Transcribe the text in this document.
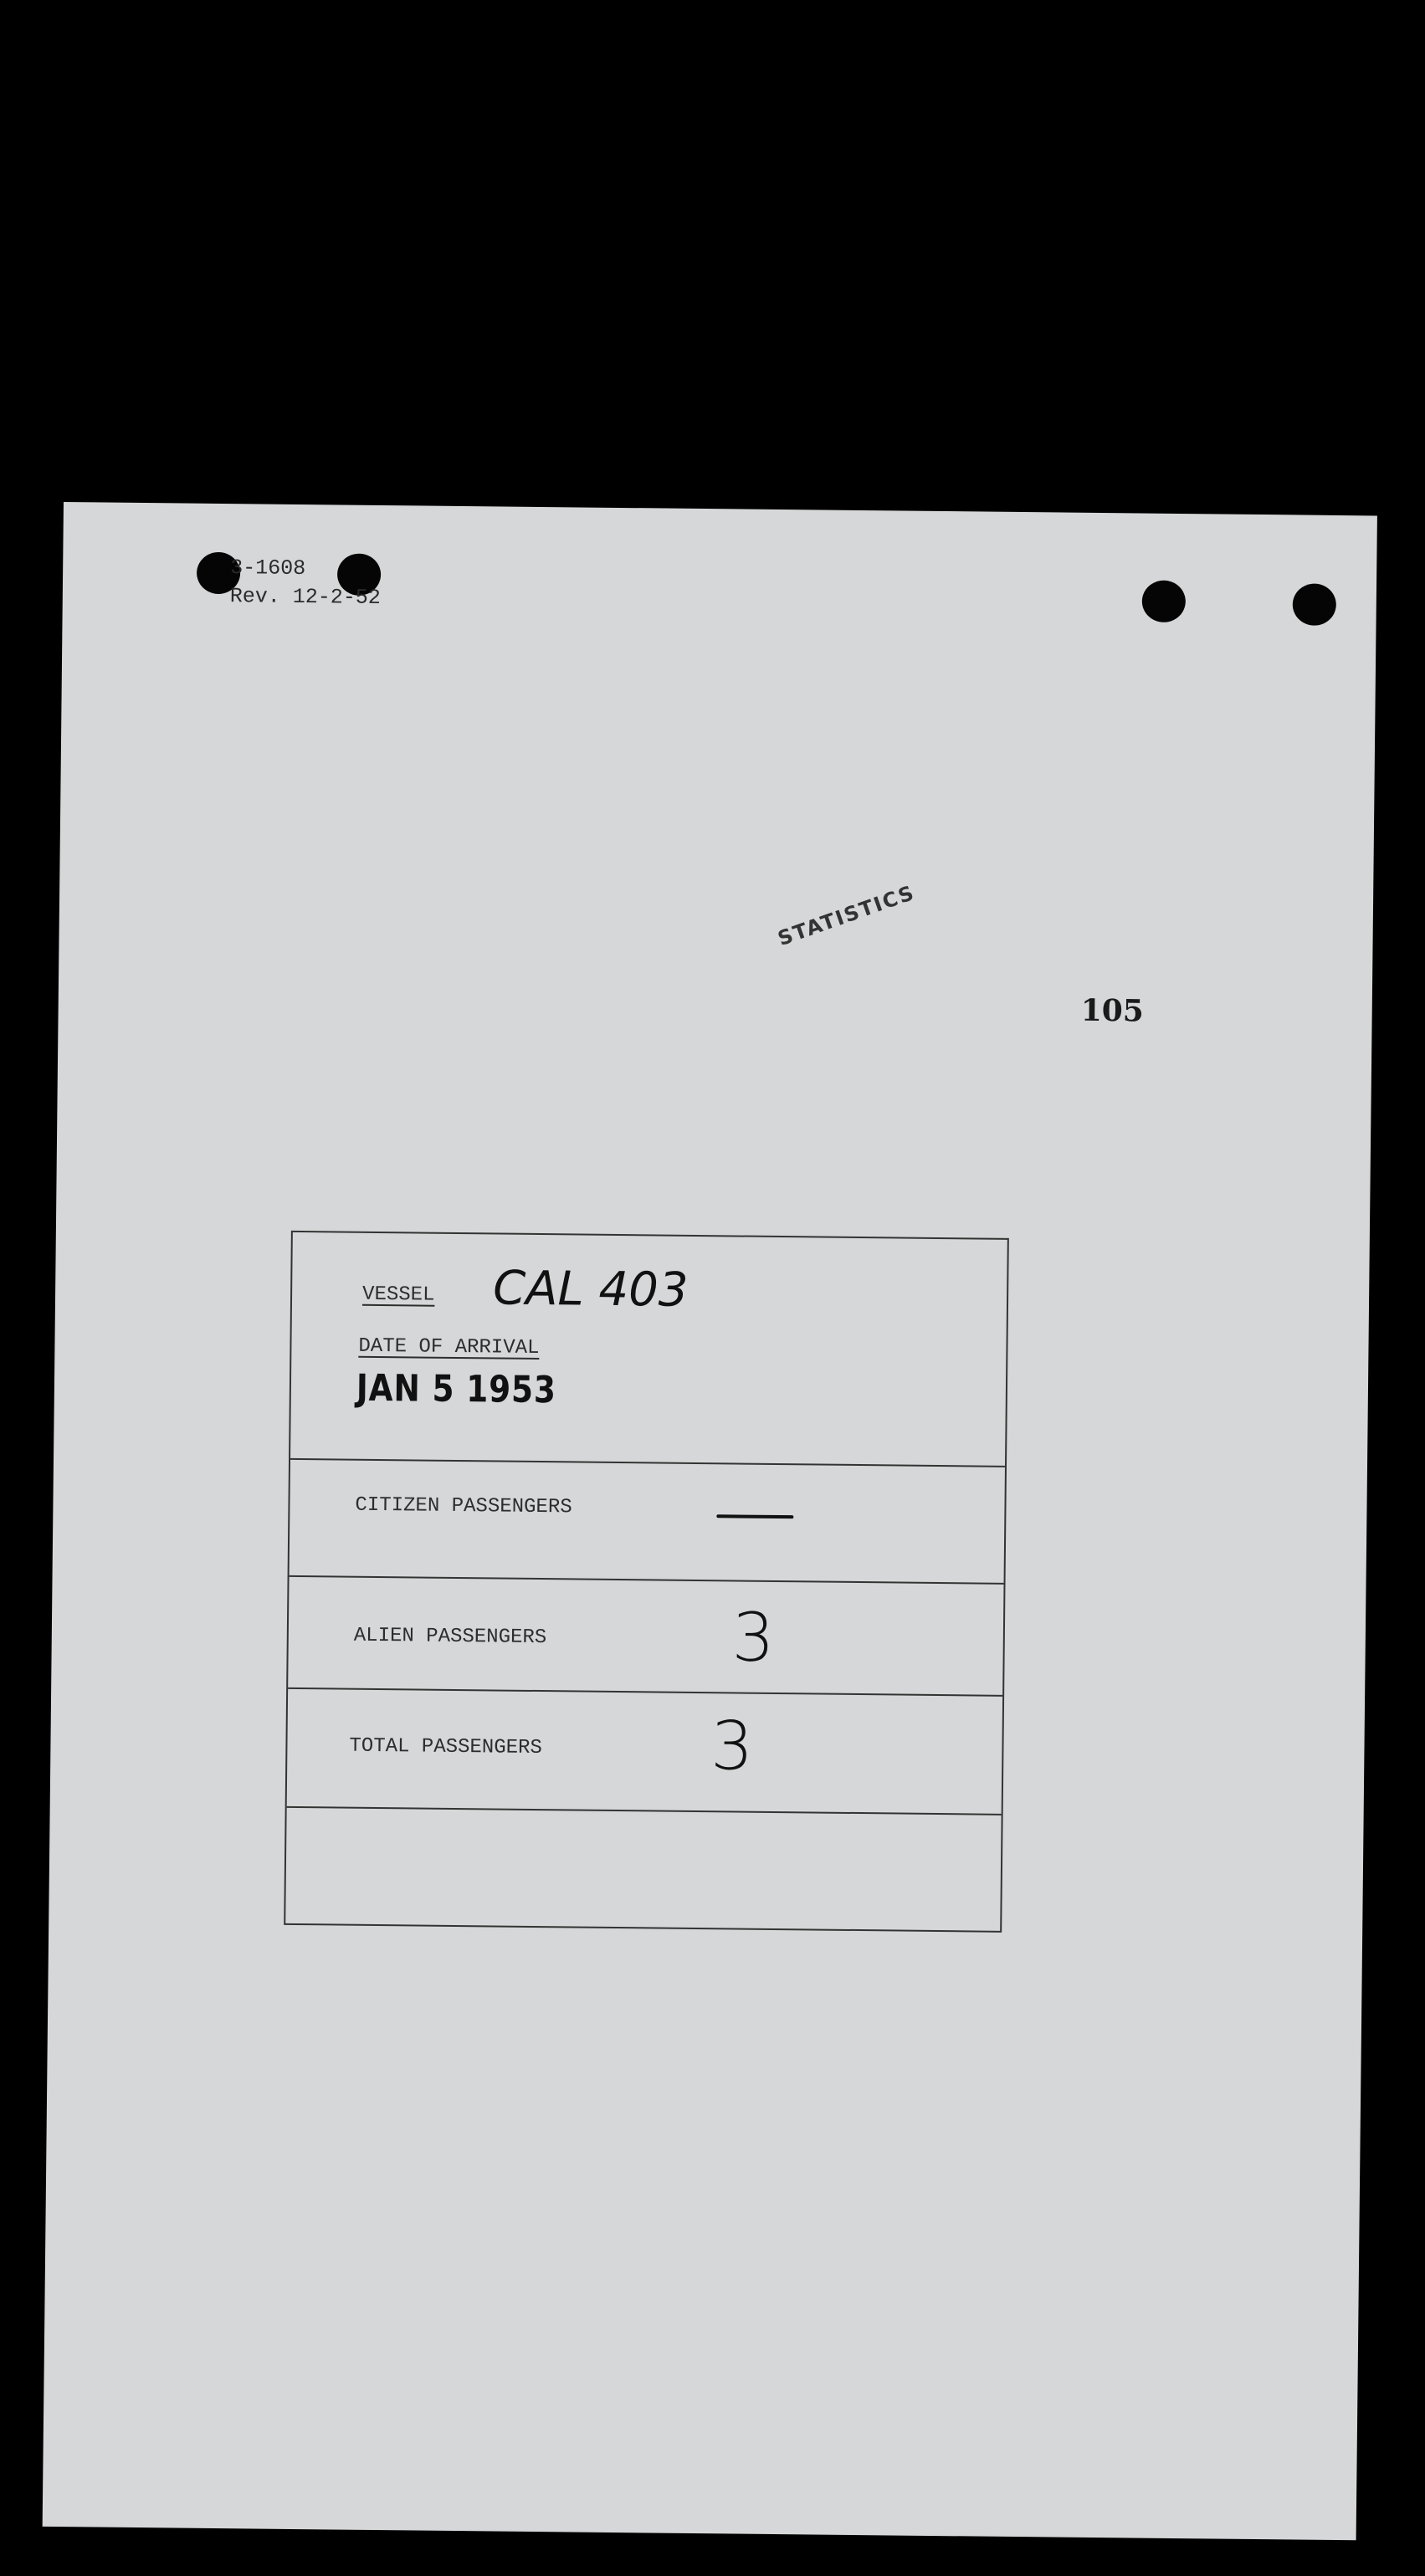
3-1608
Rev. 12-2-52
STATISTICS
105
VESSEL CAL 403
DATE OF ARRIVAL
JAN 5 1953
CITIZEN PASSENGERS
ALIEN PASSENGERS	3
TOTAL PASSENGERS	3
